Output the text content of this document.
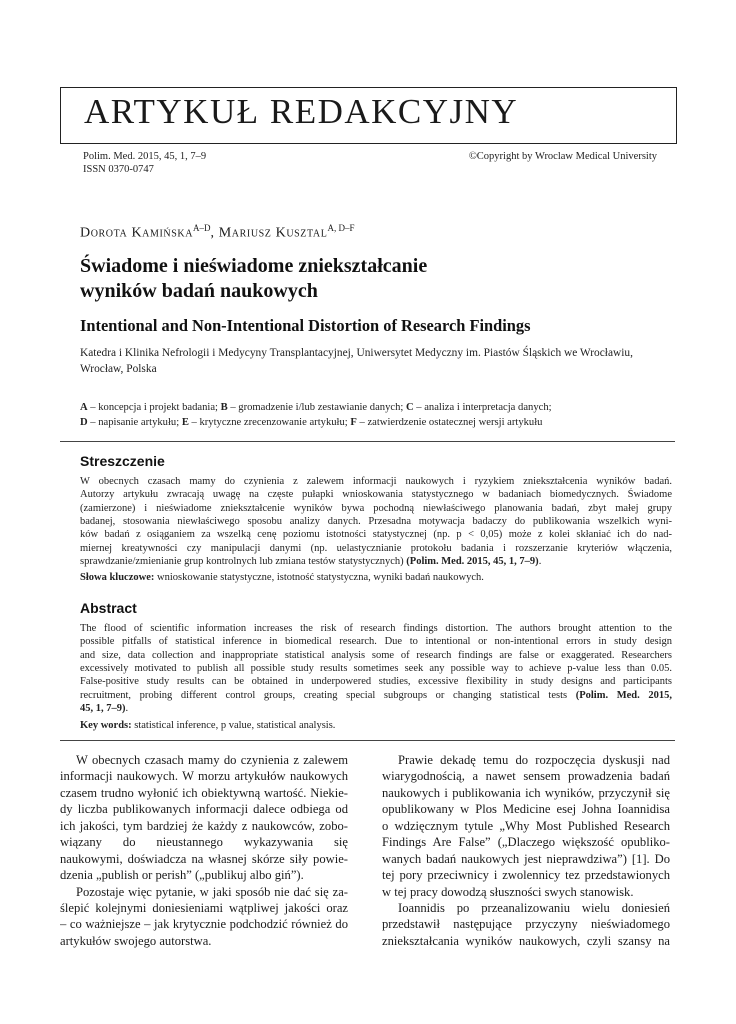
ARTYKUŁ REDAKCYJNY
Polim. Med. 2015, 45, 1, 7–9
ISSN 0370-0747
©Copyright by Wroclaw Medical University
Dorota Kamińska$^{A-D}$, Mariusz Kusztal$^{A, D-F}$
Świadome i nieświadome zniekształcanie
wyników badań naukowych
Intentional and Non-Intentional Distortion of Research Findings
Katedra i Klinika Nefrologii i Medycyny Transplantacyjnej, Uniwersytet Medyczny im. Piastów Śląskich we Wrocławiu,
Wrocław, Polska
A – koncepcja i projekt badania; B – gromadzenie i/lub zestawianie danych; C – analiza i interpretacja danych;
D – napisanie artykułu; E – krytyczne zrecenzowanie artykułu; F – zatwierdzenie ostatecznej wersji artykułu
Streszczenie
W obecnych czasach mamy do czynienia z zalewem informacji naukowych i ryzykiem zniekształcenia wyników badań.
Autorzy artykułu zwracają uwagę na częste pułapki wnioskowania statystycznego w badaniach biomedycznych. Świadome
(zamierzone) i nieświadome zniekształcenie wyników bywa pochodną niewłaściwego planowania badań, zbyt małej grupy
badanej, stosowania niewłaściwego sposobu analizy danych. Przesadna motywacja badaczy do publikowania wszelkich wyni-
ków badań z osiąganiem za wszelką cenę poziomu istotności statystycznej (np. p < 0,05) może z kolei skłaniać ich do nad-
miernej kreatywności czy manipulacji danymi (np. uelastycznianie protokołu badania i rozszerzanie kryteriów włączenia,
sprawdzanie/zmienianie grup kontrolnych lub zmiana testów statystycznych) (Polim. Med. 2015, 45, 1, 7–9).
Słowa kluczowe: wnioskowanie statystyczne, istotność statystyczna, wyniki badań naukowych.
Abstract
The flood of scientific information increases the risk of research findings distortion. The authors brought attention to the
possible pitfalls of statistical inference in biomedical research. Due to intentional or non-intentional errors in study design
and size, data collection and inappropriate statistical analysis some of research findings are false or exaggerated. Researchers
excessively motivated to publish all possible study results sometimes seek any possible way to achieve p-value less than 0.05.
False-positive study results can be obtained in underpowered studies, excessive flexibility in study designs and participants
recruitment, probing different control groups, creating special subgroups or changing statistical tests (Polim. Med. 2015,
45, 1, 7–9).
Key words: statistical inference, p value, statistical analysis.
W obecnych czasach mamy do czynienia z zalewem
informacji naukowych. W morzu artykułów naukowych
czasem trudno wyłonić ich obiektywną wartość. Niekie-
dy liczba publikowanych informacji dalece odbiega od
ich jakości, tym bardziej że każdy z naukowców, zobo-
wiązany do nieustannego wykazywania się
naukowymi, doświadcza na własnej skórze siły powie-
dzenia „publish or perish” („publikuj albo giń”).
Pozostaje więc pytanie, w jaki sposób nie dać się za-
ślepić kolejnymi doniesieniami wątpliwej jakości oraz
– co ważniejsze – jak krytycznie podchodzić również do
artykułów swojego autorstwa.
Prawie dekadę temu do rozpoczęcia dyskusji nad
wiarygodnością, a nawet sensem prowadzenia badań
naukowych i publikowania ich wyników, przyczynił się
opublikowany w Plos Medicine esej Johna Ioannidisa
o wdzięcznym tytule „Why Most Published Research
Findings Are False” („Dlaczego większość opubliko-
wanych badań naukowych jest nieprawdziwa”) [1]. Do
tej pory przeciwnicy i zwolennicy tez przedstawionych
w tej pracy dowodzą słuszności swych stanowisk.
Ioannidis po przeanalizowaniu wielu doniesień
przedstawił następujące przyczyny nieświadomego
zniekształcania wyników naukowych, czyli szansy na
